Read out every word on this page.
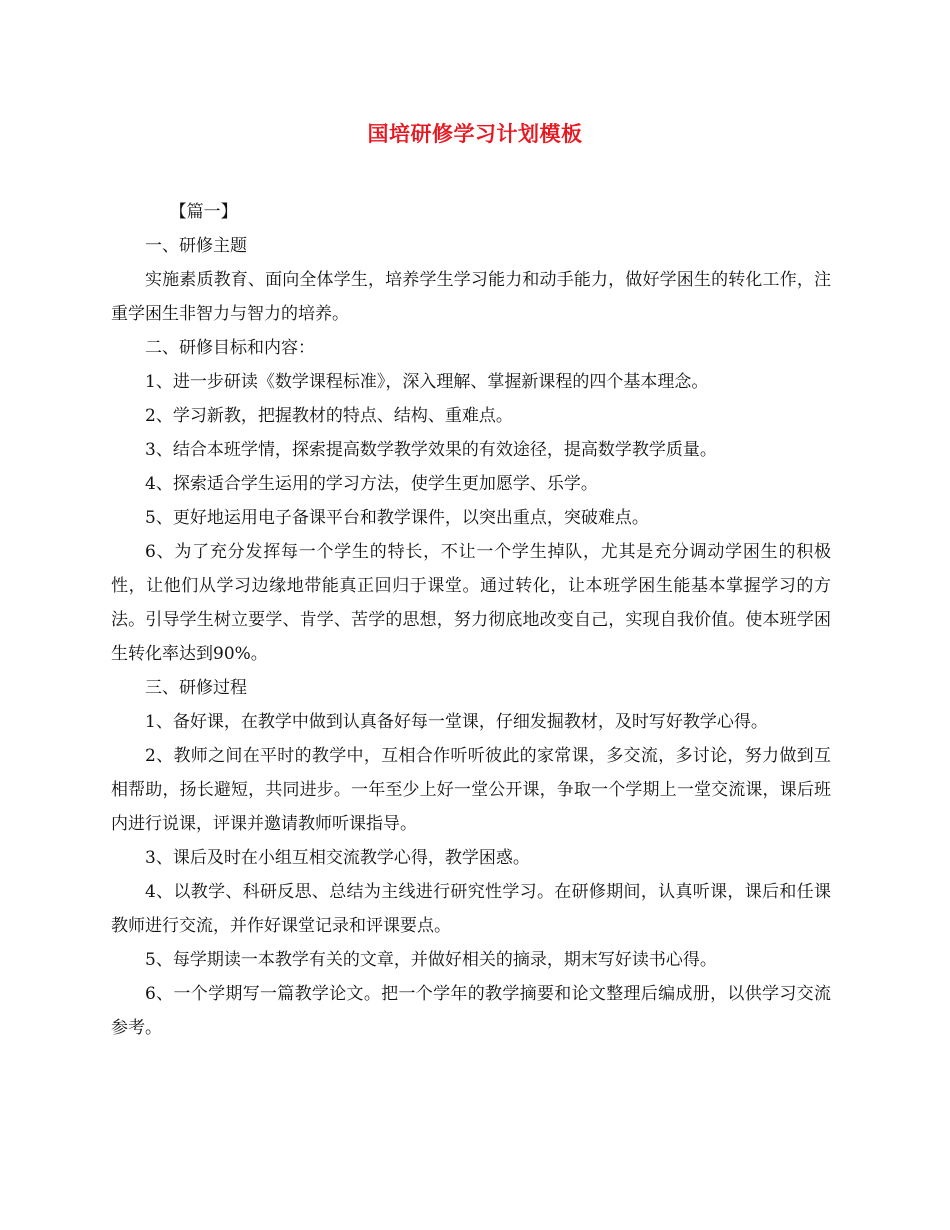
国培研修学习计划模板

【篇一】

一、研修主题

实施素质教育、面向全体学生，培养学生学习能力和动手能力，做好学困生的转化工作，注重学困生非智力与智力的培养。

二、研修目标和内容：

1、进一步研读《数学课程标准》，深入理解、掌握新课程的四个基本理念。

2、学习新教，把握教材的特点、结构、重难点。

3、结合本班学情，探索提高数学教学效果的有效途径，提高数学教学质量。

4、探索适合学生运用的学习方法，使学生更加愿学、乐学。

5、更好地运用电子备课平台和教学课件，以突出重点，突破难点。

6、为了充分发挥每一个学生的特长，不让一个学生掉队，尤其是充分调动学困生的积极性，让他们从学习边缘地带能真正回归于课堂。通过转化，让本班学困生能基本掌握学习的方法。引导学生树立要学、肯学、苦学的思想，努力彻底地改变自己，实现自我价值。使本班学困生转化率达到90%。

三、研修过程

1、备好课，在教学中做到认真备好每一堂课，仔细发掘教材，及时写好教学心得。

2、教师之间在平时的教学中，互相合作听听彼此的家常课，多交流，多讨论，努力做到互相帮助，扬长避短，共同进步。一年至少上好一堂公开课，争取一个学期上一堂交流课，课后班内进行说课，评课并邀请教师听课指导。

3、课后及时在小组互相交流教学心得，教学困惑。

4、以教学、科研反思、总结为主线进行研究性学习。在研修期间，认真听课，课后和任课教师进行交流，并作好课堂记录和评课要点。

5、每学期读一本教学有关的文章，并做好相关的摘录，期末写好读书心得。

6、一个学期写一篇教学论文。把一个学年的教学摘要和论文整理后编成册，以供学习交流参考。
